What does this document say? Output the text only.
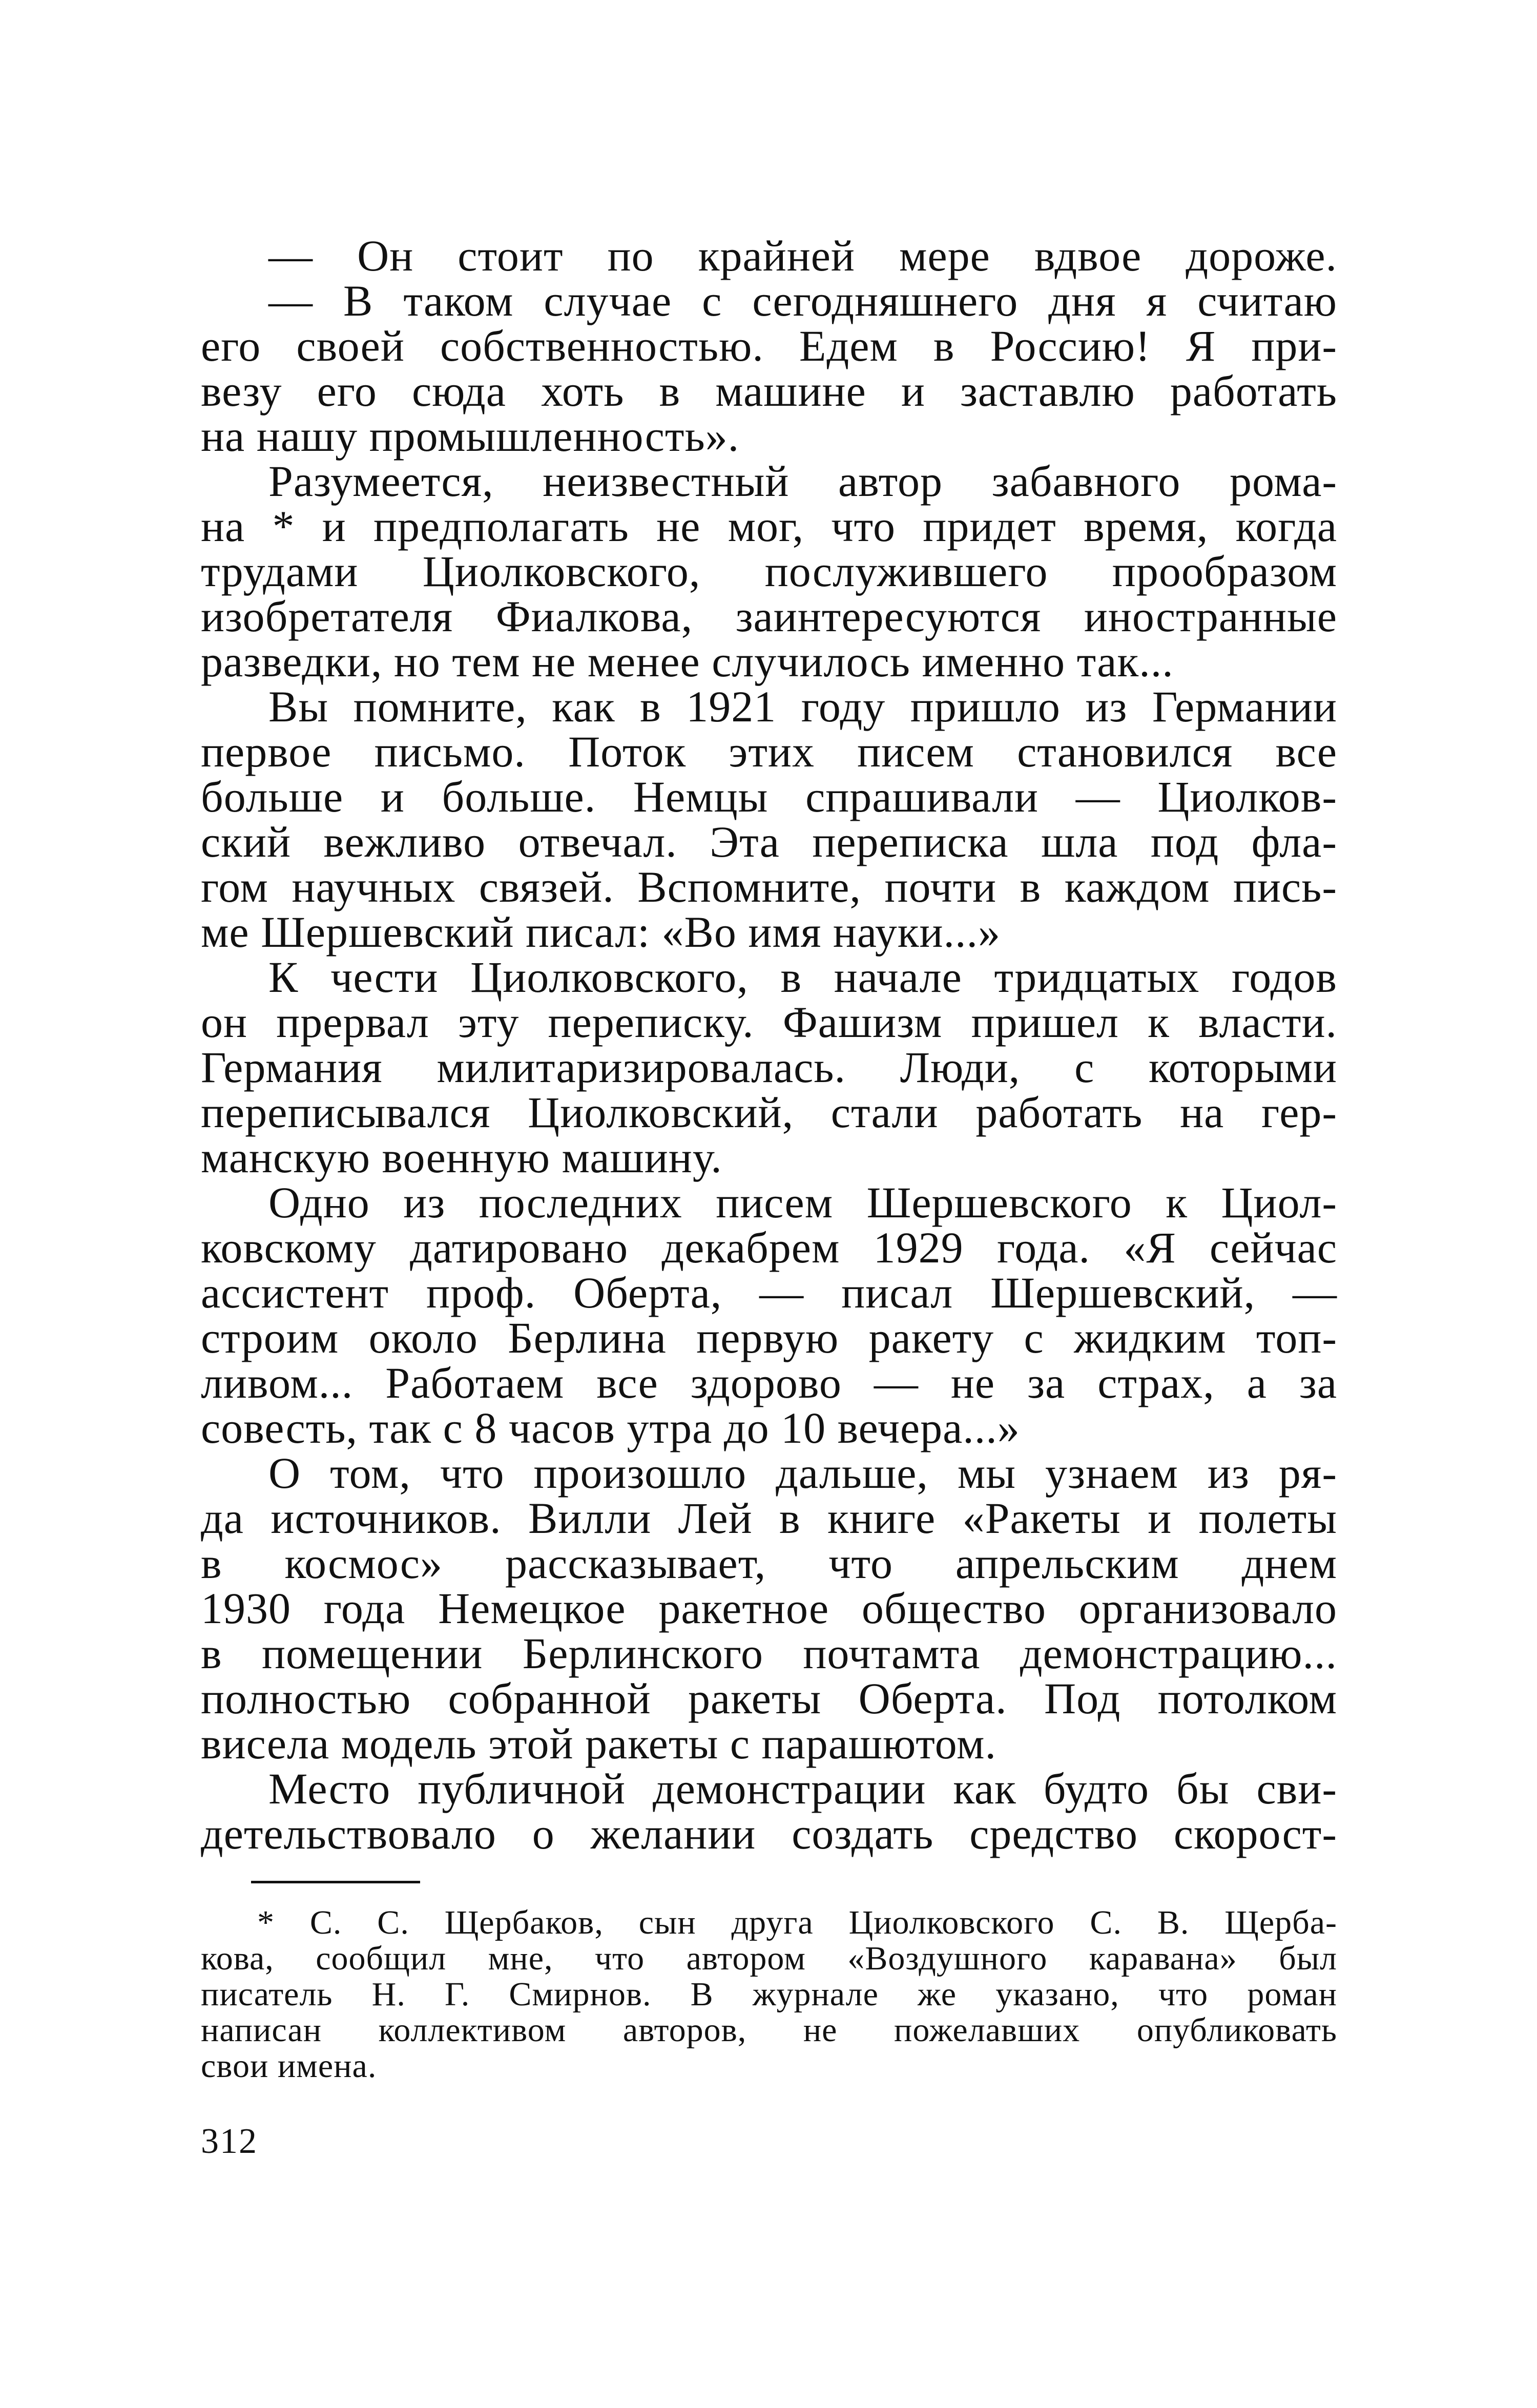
— Он стоит по крайней мере вдвое дороже.
— В таком случае с сегодняшнего дня я считаю
его своей собственностью. Едем в Россию! Я при-
везу его сюда хоть в машине и заставлю работать
на нашу промышленность».
Разумеется, неизвестный автор забавного рома-
на * и предполагать не мог, что придет время, когда
трудами Циолковского, послужившего прообразом
изобретателя Фиалкова, заинтересуются иностранные
разведки, но тем не менее случилось именно так...
Вы помните, как в 1921 году пришло из Германии
первое письмо. Поток этих писем становился все
больше и больше. Немцы спрашивали — Циолков-
ский вежливо отвечал. Эта переписка шла под фла-
гом научных связей. Вспомните, почти в каждом пись-
ме Шершевский писал: «Во имя науки...»
К чести Циолковского, в начале тридцатых годов
он прервал эту переписку. Фашизм пришел к власти.
Германия милитаризировалась. Люди, с которыми
переписывался Циолковский, стали работать на гер-
манскую военную машину.
Одно из последних писем Шершевского к Циол-
ковскому датировано декабрем 1929 года. «Я сейчас
ассистент проф. Оберта, — писал Шершевский, —
строим около Берлина первую ракету с жидким топ-
ливом... Работаем все здорово — не за страх, а за
совесть, так с 8 часов утра до 10 вечера...»
О том, что произошло дальше, мы узнаем из ря-
да источников. Вилли Лей в книге «Ракеты и полеты
в космос» рассказывает, что апрельским днем
1930 года Немецкое ракетное общество организовало
в помещении Берлинского почтамта демонстрацию...
полностью собранной ракеты Оберта. Под потолком
висела модель этой ракеты с парашютом.
Место публичной демонстрации как будто бы сви-
детельствовало о желании создать средство скорост-
* С. С. Щербаков, сын друга Циолковского С. В. Щерба-
кова, сообщил мне, что автором «Воздушного каравана» был
писатель Н. Г. Смирнов. В журнале же указано, что роман
написан коллективом авторов, не пожелавших опубликовать
свои имена.
312
